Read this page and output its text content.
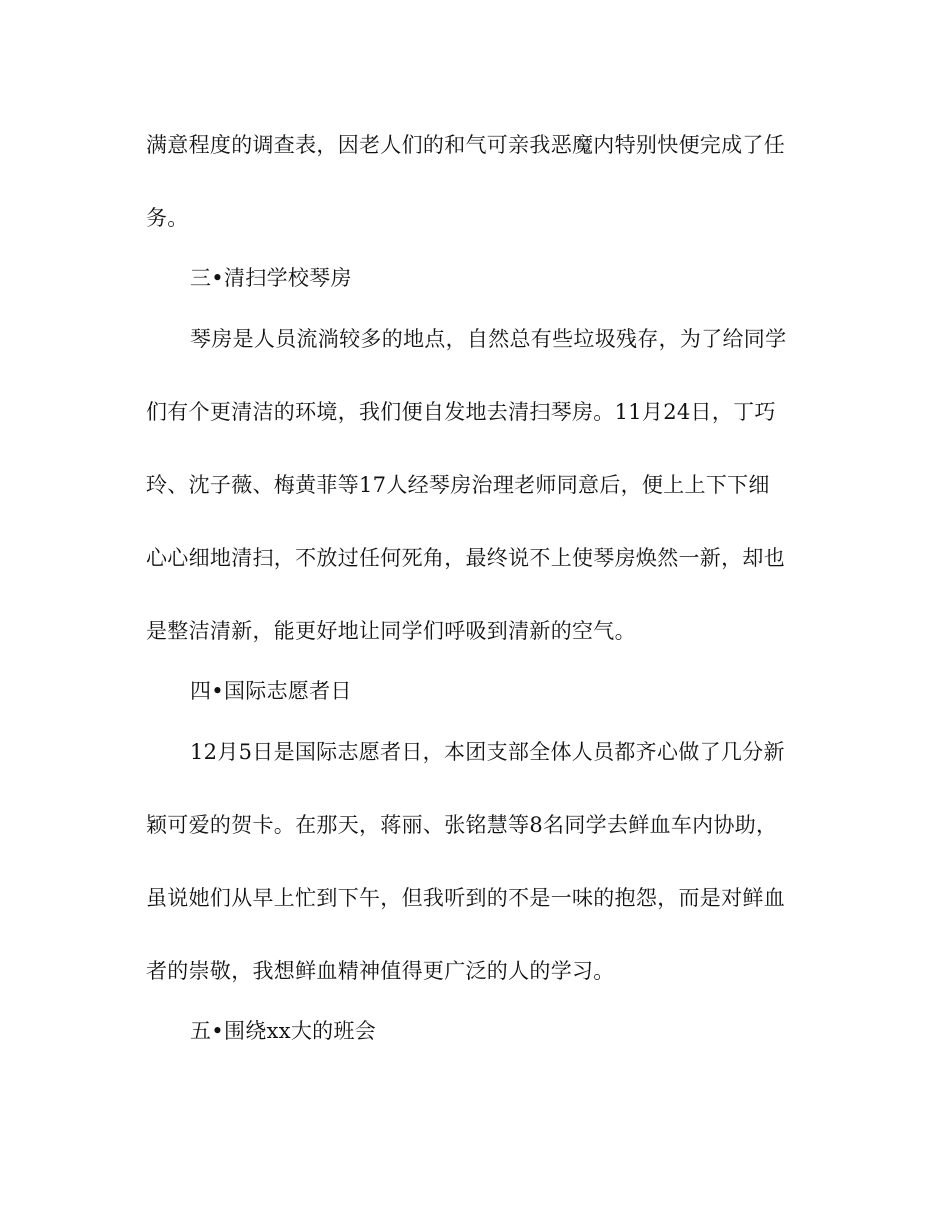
满意程度的调查表，因老人们的和气可亲我恶魔内特别快便完成了任
务。
三•清扫学校琴房
琴房是人员流淌较多的地点，自然总有些垃圾残存，为了给同学
们有个更清洁的环境，我们便自发地去清扫琴房。11月24日，丁巧
玲、沈子薇、梅黄菲等17人经琴房治理老师同意后，便上上下下细
心心细地清扫，不放过任何死角，最终说不上使琴房焕然一新，却也
是整洁清新，能更好地让同学们呼吸到清新的空气。
四•国际志愿者日
12月5日是国际志愿者日，本团支部全体人员都齐心做了几分新
颖可爱的贺卡。在那天，蒋丽、张铭慧等8名同学去鲜血车内协助，
虽说她们从早上忙到下午，但我听到的不是一味的抱怨，而是对鲜血
者的崇敬，我想鲜血精神值得更广泛的人的学习。
五•围绕xx大的班会
